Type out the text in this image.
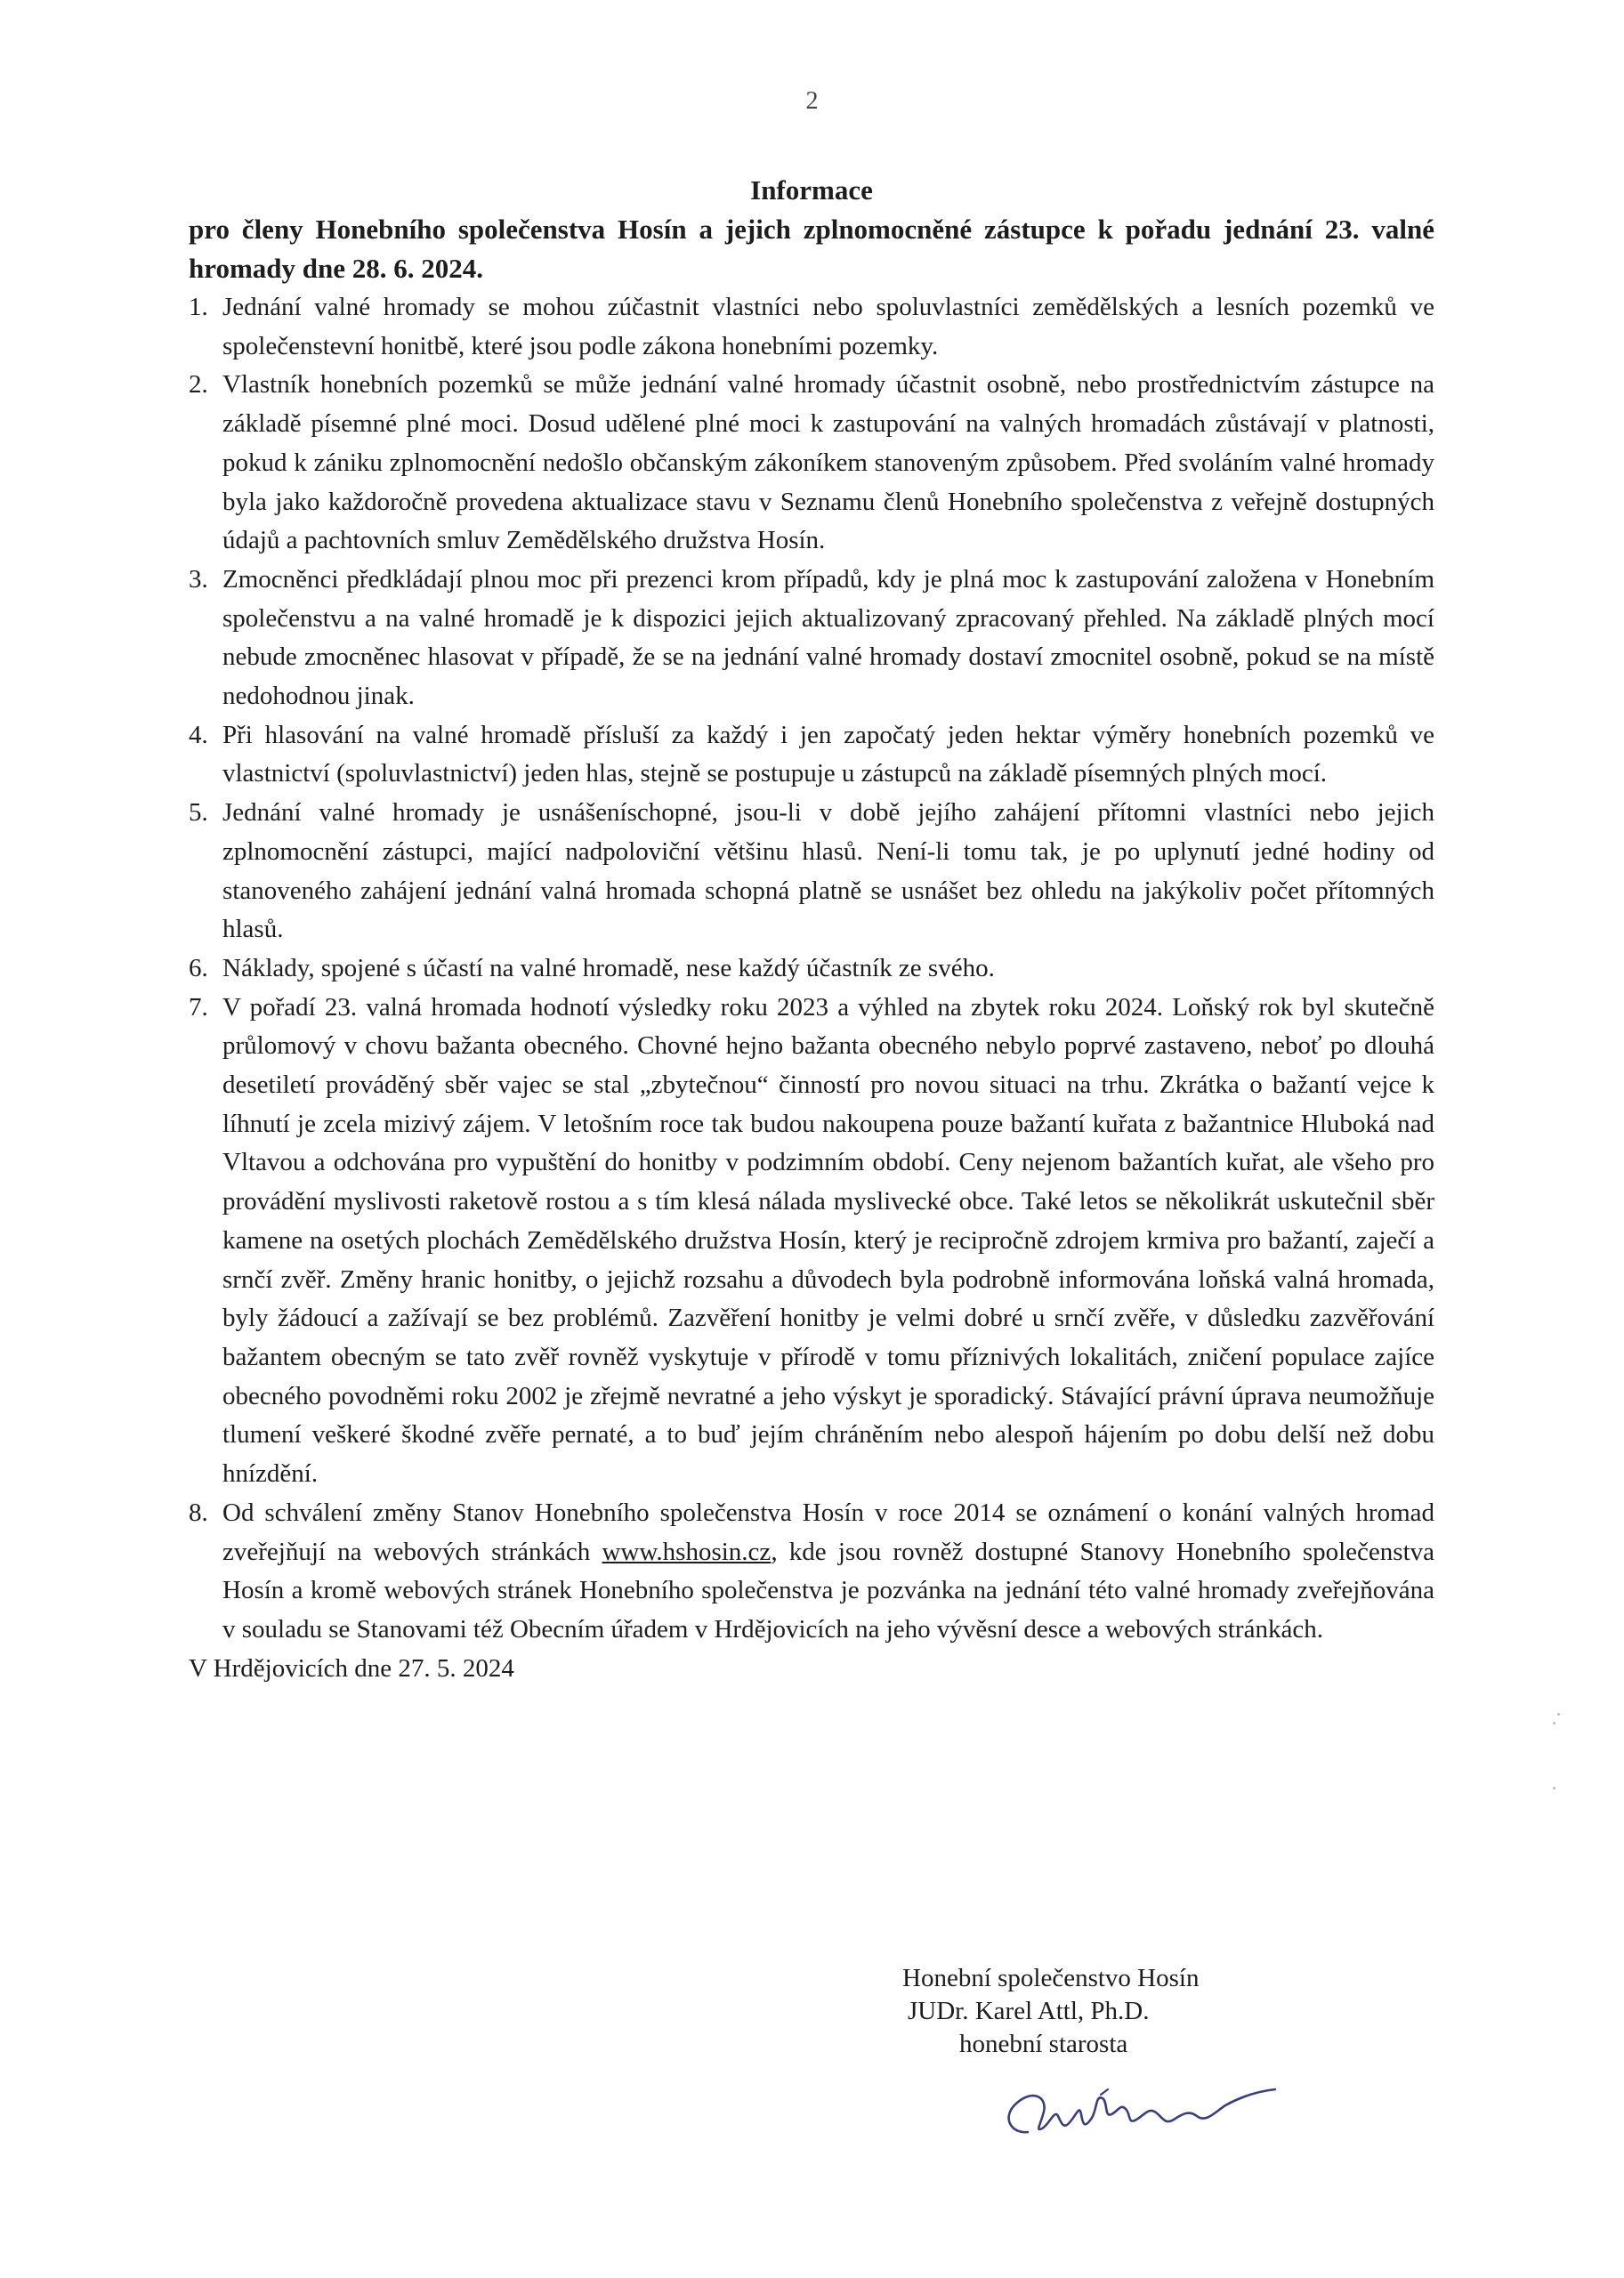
2

Informace

pro členy Honebního společenstva Hosín a jejich zplnomocněné zástupce k pořadu jednání 23. valné hromady dne 28. 6. 2024.

1. Jednání valné hromady se mohou zúčastnit vlastníci nebo spoluvlastníci zemědělských a lesních pozemků ve společenstevní honitbě, které jsou podle zákona honebními pozemky.
2. Vlastník honebních pozemků se může jednání valné hromady účastnit osobně, nebo prostřednictvím zástupce na základě písemné plné moci. Dosud udělené plné moci k zastupování na valných hromadách zůstávají v platnosti, pokud k zániku zplnomocnění nedošlo občanským zákoníkem stanoveným způsobem. Před svoláním valné hromady byla jako každoročně provedena aktualizace stavu v Seznamu členů Honebního společenstva z veřejně dostupných údajů a pachtovních smluv Zemědělského družstva Hosín.
3. Zmocněnci předkládají plnou moc při prezenci krom případů, kdy je plná moc k zastupování založena v Honebním společenstvu a na valné hromadě je k dispozici jejich aktualizovaný zpracovaný přehled. Na základě plných mocí nebude zmocněnec hlasovat v případě, že se na jednání valné hromady dostaví zmocnitel osobně, pokud se na místě nedohodnou jinak.
4. Při hlasování na valné hromadě přísluší za každý i jen započatý jeden hektar výměry honebních pozemků ve vlastnictví (spoluvlastnictví) jeden hlas, stejně se postupuje u zástupců na základě písemných plných mocí.
5. Jednání valné hromady je usnášeníschopné, jsou-li v době jejího zahájení přítomni vlastníci nebo jejich zplnomocnění zástupci, mající nadpoloviční většinu hlasů. Není-li tomu tak, je po uplynutí jedné hodiny od stanoveného zahájení jednání valná hromada schopná platně se usnášet bez ohledu na jakýkoliv počet přítomných hlasů.
6. Náklady, spojené s účastí na valné hromadě, nese každý účastník ze svého.
7. V pořadí 23. valná hromada hodnotí výsledky roku 2023 a výhled na zbytek roku 2024. Loňský rok byl skutečně průlomový v chovu bažanta obecného. Chovné hejno bažanta obecného nebylo poprvé zastaveno, neboť po dlouhá desetiletí prováděný sběr vajec se stal „zbytečnou“ činností pro novou situaci na trhu. Zkrátka o bažantí vejce k líhnutí je zcela mizivý zájem. V letošním roce tak budou nakoupena pouze bažantí kuřata z bažantnice Hluboká nad Vltavou a odchována pro vypuštění do honitby v podzimním období. Ceny nejenom bažantích kuřat, ale všeho pro provádění myslivosti raketově rostou a s tím klesá nálada myslivecké obce. Také letos se několikrát uskutečnil sběr kamene na osetých plochách Zemědělského družstva Hosín, který je recipročně zdrojem krmiva pro bažantí, zaječí a srnčí zvěř. Změny hranic honitby, o jejichž rozsahu a důvodech byla podrobně informována loňská valná hromada, byly žádoucí a zažívají se bez problémů. Zazvěření honitby je velmi dobré u srnčí zvěře, v důsledku zazvěřování bažantem obecným se tato zvěř rovněž vyskytuje v přírodě v tomu příznivých lokalitách, zničení populace zajíce obecného povodněmi roku 2002 je zřejmě nevratné a jeho výskyt je sporadický. Stávající právní úprava neumožňuje tlumení veškeré škodné zvěře pernaté, a to buď jejím chráněním nebo alespoň hájením po dobu delší než dobu hnízdění.
8. Od schválení změny Stanov Honebního společenstva Hosín v roce 2014 se oznámení o konání valných hromad zveřejňují na webových stránkách www.hshosin.cz, kde jsou rovněž dostupné Stanovy Honebního společenstva Hosín a kromě webových stránek Honebního společenstva je pozvánka na jednání této valné hromady zveřejňována v souladu se Stanovami též Obecním úřadem v Hrdějovicích na jeho vývěsní desce a webových stránkách.

V Hrdějovicích dne 27. 5. 2024

Honební společenstvo Hosín
JUDr. Karel Attl, Ph.D.
honební starosta
